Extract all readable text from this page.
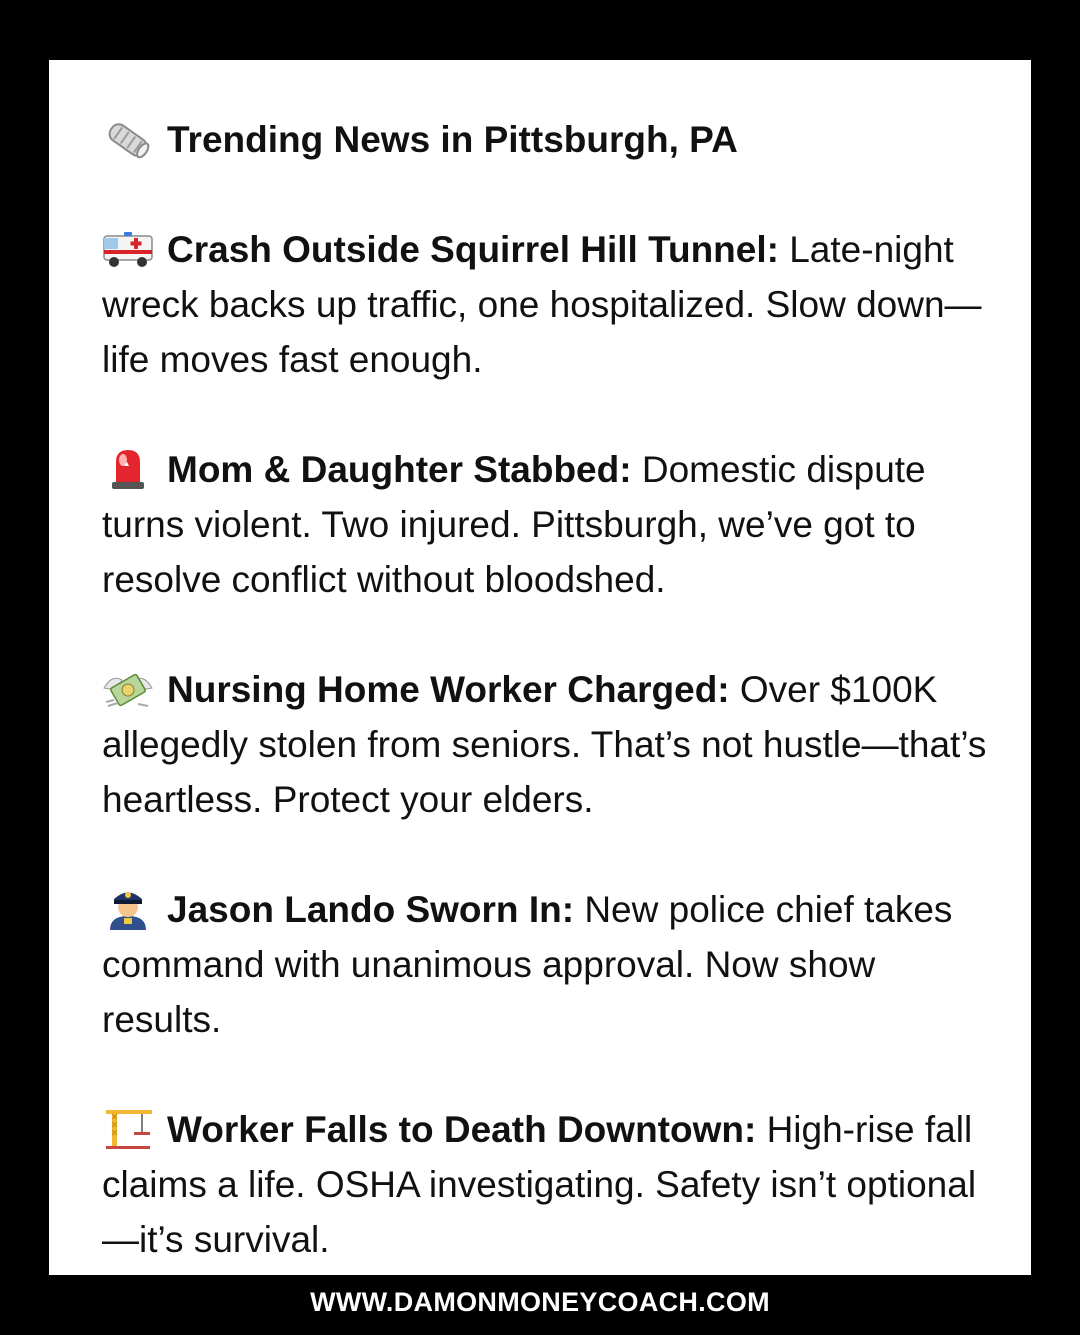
Trending News in Pittsburgh, PA

Crash Outside Squirrel Hill Tunnel: Late-night wreck backs up traffic, one hospitalized. Slow down—life moves fast enough.

Mom & Daughter Stabbed: Domestic dispute turns violent. Two injured. Pittsburgh, we’ve got to resolve conflict without bloodshed.

Nursing Home Worker Charged: Over $100K allegedly stolen from seniors. That’s not hustle—that’s heartless. Protect your elders.

Jason Lando Sworn In: New police chief takes command with unanimous approval. Now show results.

Worker Falls to Death Downtown: High-rise fall claims a life. OSHA investigating. Safety isn’t optional—it’s survival.

WWW.DAMONMONEYCOACH.COM
